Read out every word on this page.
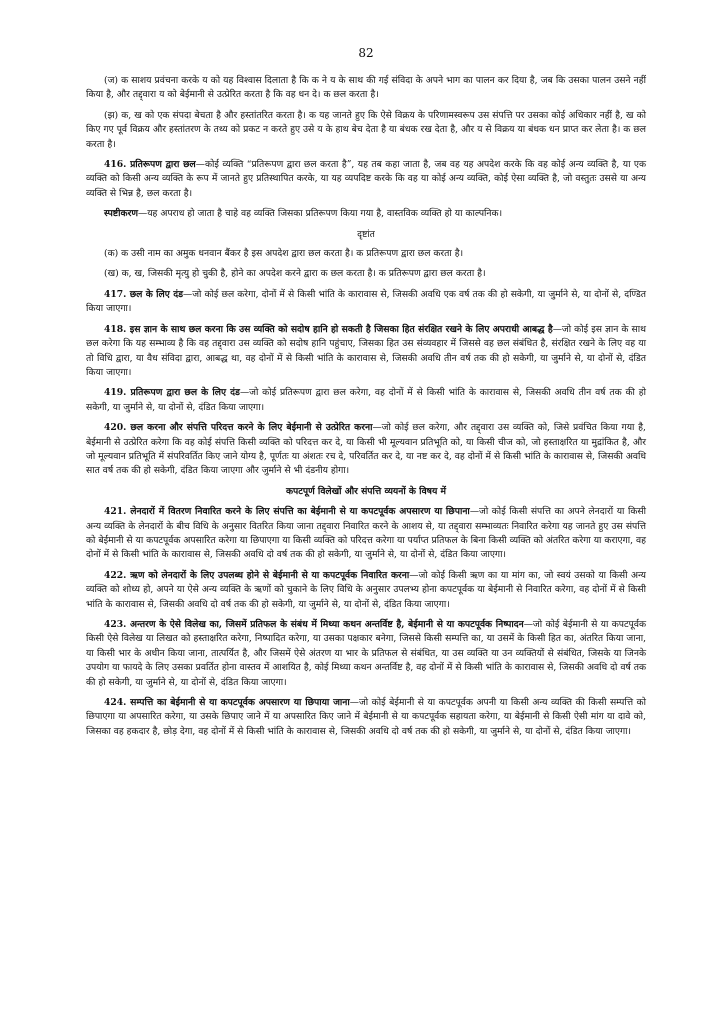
82

(ज) क साशय प्रवंचना करके य को यह विश्वास दिलाता है कि क ने य के साथ की गई संविदा के अपने भाग का पालन कर दिया है, जब कि उसका पालन उसने नहीं किया है, और तद्द्वारा य को बेईमानी से उत्प्रेरित करता है कि वह धन दे। क छल करता है।

(झ) क, ख को एक संपदा बेचता है और हस्तांतरित करता है। क यह जानते हुए कि ऐसे विक्रय के परिणामस्वरूप उस संपत्ति पर उसका कोई अधिकार नहीं है, ख को किए गए पूर्व विक्रय और हस्तांतरण के तथ्य को प्रकट न करते हुए उसे य के हाथ बेच देता है या बंधक रख देता है, और य से विक्रय या बंधक धन प्राप्त कर लेता है। क छल करता है।

416. प्रतिरूपण द्वारा छल—कोई व्यक्ति “प्रतिरूपण द्वारा छल करता है”, यह तब कहा जाता है, जब वह यह अपदेश करके कि वह कोई अन्य व्यक्ति है, या एक व्यक्ति को किसी अन्य व्यक्ति के रूप में जानते हुए प्रतिस्थापित करके, या यह व्यपदिष्ट करके कि वह या कोई अन्य व्यक्ति, कोई ऐसा व्यक्ति है, जो वस्तुतः उससे या अन्य व्यक्ति से भिन्न है, छल करता है।

स्पष्टीकरण—यह अपराध हो जाता है चाहे वह व्यक्ति जिसका प्रतिरूपण किया गया है, वास्तविक व्यक्ति हो या काल्पनिक।

दृष्टांत

(क) क उसी नाम का अमुक धनवान बैंकर है इस अपदेश द्वारा छल करता है। क प्रतिरूपण द्वारा छल करता है।

(ख) क, ख, जिसकी मृत्यु हो चुकी है, होने का अपदेश करने द्वारा क छल करता है। क प्रतिरूपण द्वारा छल करता है।

417. छल के लिए दंड—जो कोई छल करेगा, दोनों में से किसी भांति के कारावास से, जिसकी अवधि एक वर्ष तक की हो सकेगी, या जुर्माने से, या दोनों से, दण्डित किया जाएगा।

418. इस ज्ञान के साथ छल करना कि उस व्यक्ति को सदोष हानि हो सकती है जिसका हित संरक्षित रखने के लिए अपराधी आबद्ध है—जो कोई इस ज्ञान के साथ छल करेगा कि यह सम्भाव्य है कि वह तद्द्वारा उस व्यक्ति को सदोष हानि पहुंचाए, जिसका हित उस संव्यवहार में जिससे वह छल संबंधित है, संरक्षित रखने के लिए वह या तो विधि द्वारा, या वैध संविदा द्वारा, आबद्ध था, वह दोनों में से किसी भांति के कारावास से, जिसकी अवधि तीन वर्ष तक की हो सकेगी, या जुर्माने से, या दोनों से, दंडित किया जाएगा।

419. प्रतिरूपण द्वारा छल के लिए दंड—जो कोई प्रतिरूपण द्वारा छल करेगा, वह दोनों में से किसी भांति के कारावास से, जिसकी अवधि तीन वर्ष तक की हो सकेगी, या जुर्माने से, या दोनों से, दंडित किया जाएगा।

420. छल करना और संपत्ति परिदत्त करने के लिए बेईमानी से उत्प्रेरित करना—जो कोई छल करेगा, और तद्द्वारा उस व्यक्ति को, जिसे प्रवंचित किया गया है, बेईमानी से उत्प्रेरित करेगा कि वह कोई संपत्ति किसी व्यक्ति को परिदत्त कर दे, या किसी भी मूल्यवान प्रतिभूति को, या किसी चीज को, जो हस्ताक्षरित या मुद्रांकित है, और जो मूल्यवान प्रतिभूति में संपरिवर्तित किए जाने योग्य है, पूर्णतः या अंशतः रच दे, परिवर्तित कर दे, या नष्ट कर दे, वह दोनों में से किसी भांति के कारावास से, जिसकी अवधि सात वर्ष तक की हो सकेगी, दंडित किया जाएगा और जुर्माने से भी दंडनीय होगा।

कपटपूर्ण विलेखों और संपत्ति व्ययनों के विषय में

421. लेनदारों में वितरण निवारित करने के लिए संपत्ति का बेईमानी से या कपटपूर्वक अपसारण या छिपाना—जो कोई किसी संपत्ति का अपने लेनदारों या किसी अन्य व्यक्ति के लेनदारों के बीच विधि के अनुसार वितरित किया जाना तद्द्वारा निवारित करने के आशय से, या तद्द्वारा सम्भाव्यतः निवारित करेगा यह जानते हुए उस संपत्ति को बेईमानी से या कपटपूर्वक अपसारित करेगा या छिपाएगा या किसी व्यक्ति को परिदत्त करेगा या पर्याप्त प्रतिफल के बिना किसी व्यक्ति को अंतरित करेगा या कराएगा, वह दोनों में से किसी भांति के कारावास से, जिसकी अवधि दो वर्ष तक की हो सकेगी, या जुर्माने से, या दोनों से, दंडित किया जाएगा।

422. ऋण को लेनदारों के लिए उपलब्ध होने से बेईमानी से या कपटपूर्वक निवारित करना—जो कोई किसी ऋण का या मांग का, जो स्वयं उसको या किसी अन्य व्यक्ति को शोध्य हो, अपने या ऐसे अन्य व्यक्ति के ऋणों को चुकाने के लिए विधि के अनुसार उपलभ्य होना कपटपूर्वक या बेईमानी से निवारित करेगा, वह दोनों में से किसी भांति के कारावास से, जिसकी अवधि दो वर्ष तक की हो सकेगी, या जुर्माने से, या दोनों से, दंडित किया जाएगा।

423. अन्तरण के ऐसे विलेख का, जिसमें प्रतिफल के संबंध में मिथ्या कथन अन्तर्विष्ट है, बेईमानी से या कपटपूर्वक निष्पादन—जो कोई बेईमानी से या कपटपूर्वक किसी ऐसे विलेख या लिखत को हस्ताक्षरित करेगा, निष्पादित करेगा, या उसका पक्षकार बनेगा, जिससे किसी सम्पत्ति का, या उसमें के किसी हित का, अंतरित किया जाना, या किसी भार के अधीन किया जाना, तात्पर्यित है, और जिसमें ऐसे अंतरण या भार के प्रतिफल से संबंधित, या उस व्यक्ति या उन व्यक्तियों से संबंधित, जिसके या जिनके उपयोग या फायदे के लिए उसका प्रवर्तित होना वास्तव में आशयित है, कोई मिथ्या कथन अन्तर्विष्ट है, वह दोनों में से किसी भांति के कारावास से, जिसकी अवधि दो वर्ष तक की हो सकेगी, या जुर्माने से, या दोनों से, दंडित किया जाएगा।

424. सम्पत्ति का बेईमानी से या कपटपूर्वक अपसारण या छिपाया जाना—जो कोई बेईमानी से या कपटपूर्वक अपनी या किसी अन्य व्यक्ति की किसी सम्पत्ति को छिपाएगा या अपसारित करेगा, या उसके छिपाए जाने में या अपसारित किए जाने में बेईमानी से या कपटपूर्वक सहायता करेगा, या बेईमानी से किसी ऐसी मांग या दावे को, जिसका वह हकदार है, छोड़ देगा, वह दोनों में से किसी भांति के कारावास से, जिसकी अवधि दो वर्ष तक की हो सकेगी, या जुर्माने से, या दोनों से, दंडित किया जाएगा।
